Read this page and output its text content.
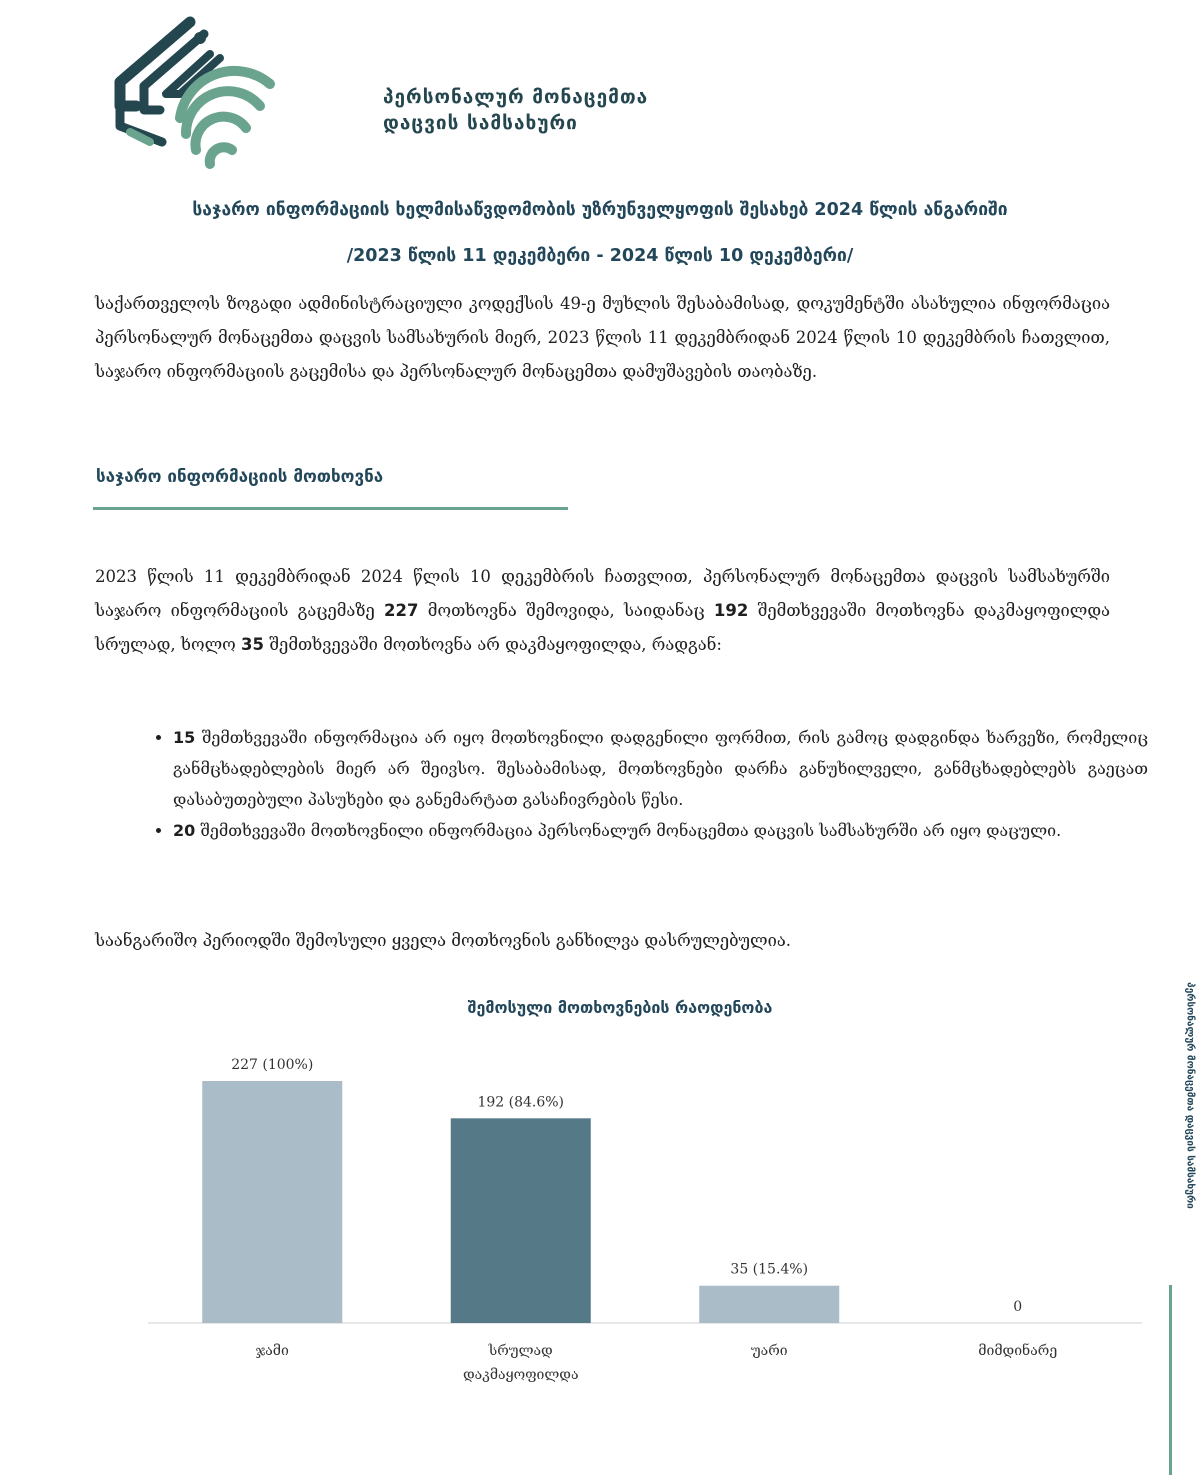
პერსონალურ მონაცემთა
დაცვის სამსახური
საჯარო ინფორმაციის ხელმისაწვდომობის უზრუნველყოფის შესახებ 2024 წლის ანგარიში
/2023 წლის 11 დეკემბერი - 2024 წლის 10 დეკემბერი/
საქართველოს ზოგადი ადმინისტრაციული კოდექსის 49-ე მუხლის შესაბამისად, დოკუმენტში ასახულია ინფორმაცია პერსონალურ მონაცემთა დაცვის სამსახურის მიერ, 2023 წლის 11 დეკემბრიდან 2024 წლის 10 დეკემბრის ჩათვლით, საჯარო ინფორმაციის გაცემისა და პერსონალურ მონაცემთა დამუშავების თაობაზე.
საჯარო ინფორმაციის მოთხოვნა
2023 წლის 11 დეკემბრიდან 2024 წლის 10 დეკემბრის ჩათვლით, პერსონალურ მონაცემთა დაცვის სამსახურში საჯარო ინფორმაციის გაცემაზე 227 მოთხოვნა შემოვიდა, საიდანაც 192 შემთხვევაში მოთხოვნა დაკმაყოფილდა სრულად, ხოლო 35 შემთხვევაში მოთხოვნა არ დაკმაყოფილდა, რადგან:
• 15 შემთხვევაში ინფორმაცია არ იყო მოთხოვნილი დადგენილი ფორმით, რის გამოც დადგინდა ხარვეზი, რომელიც განმცხადებლების მიერ არ შეივსო. შესაბამისად, მოთხოვნები დარჩა განუხილველი, განმცხადებლებს გაეცათ დასაბუთებული პასუხები და განემარტათ გასაჩივრების წესი.
• 20 შემთხვევაში მოთხოვნილი ინფორმაცია პერსონალურ მონაცემთა დაცვის სამსახურში არ იყო დაცული.
საანგარიშო პერიოდში შემოსული ყველა მოთხოვნის განხილვა დასრულებულია.
შემოსული მოთხოვნების რაოდენობა
227 (100%)
ჯამი
192 (84.6%)
სრულად დაკმაყოფილდა
35 (15.4%)
უარი
0
მიმდინარე
პერსონალურ მონაცემთა დაცვის სამსახური
